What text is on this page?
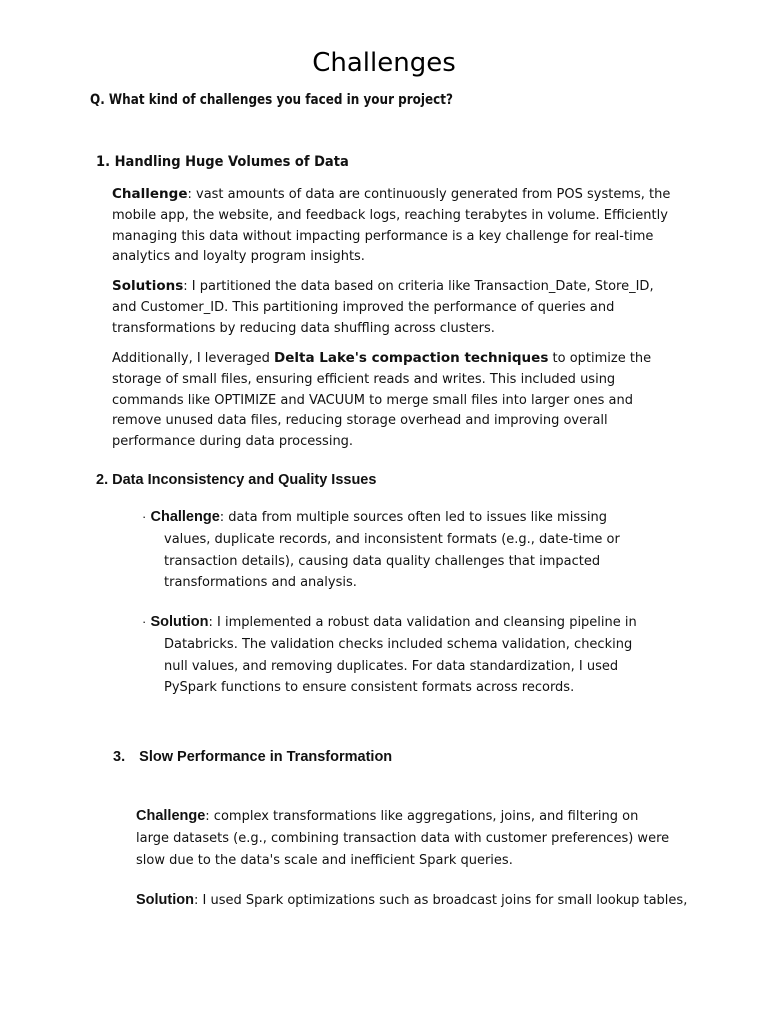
Challenges
Q. What kind of challenges you faced in your project?
1. Handling Huge Volumes of Data
Challenge: vast amounts of data are continuously generated from POS systems, the mobile app, the website, and feedback logs, reaching terabytes in volume. Efficiently managing this data without impacting performance is a key challenge for real-time analytics and loyalty program insights.
Solutions: I partitioned the data based on criteria like Transaction_Date, Store_ID, and Customer_ID. This partitioning improved the performance of queries and transformations by reducing data shuffling across clusters.
Additionally, I leveraged Delta Lake's compaction techniques to optimize the storage of small files, ensuring efficient reads and writes. This included using commands like OPTIMIZE and VACUUM to merge small files into larger ones and remove unused data files, reducing storage overhead and improving overall performance during data processing.
2. Data Inconsistency and Quality Issues
· Challenge: data from multiple sources often led to issues like missing values, duplicate records, and inconsistent formats (e.g., date-time or transaction details), causing data quality challenges that impacted transformations and analysis.
· Solution: I implemented a robust data validation and cleansing pipeline in Databricks. The validation checks included schema validation, checking null values, and removing duplicates. For data standardization, I used PySpark functions to ensure consistent formats across records.
3. Slow Performance in Transformation
Challenge: complex transformations like aggregations, joins, and filtering on large datasets (e.g., combining transaction data with customer preferences) were slow due to the data's scale and inefficient Spark queries.
Solution: I used Spark optimizations such as broadcast joins for small lookup tables,
